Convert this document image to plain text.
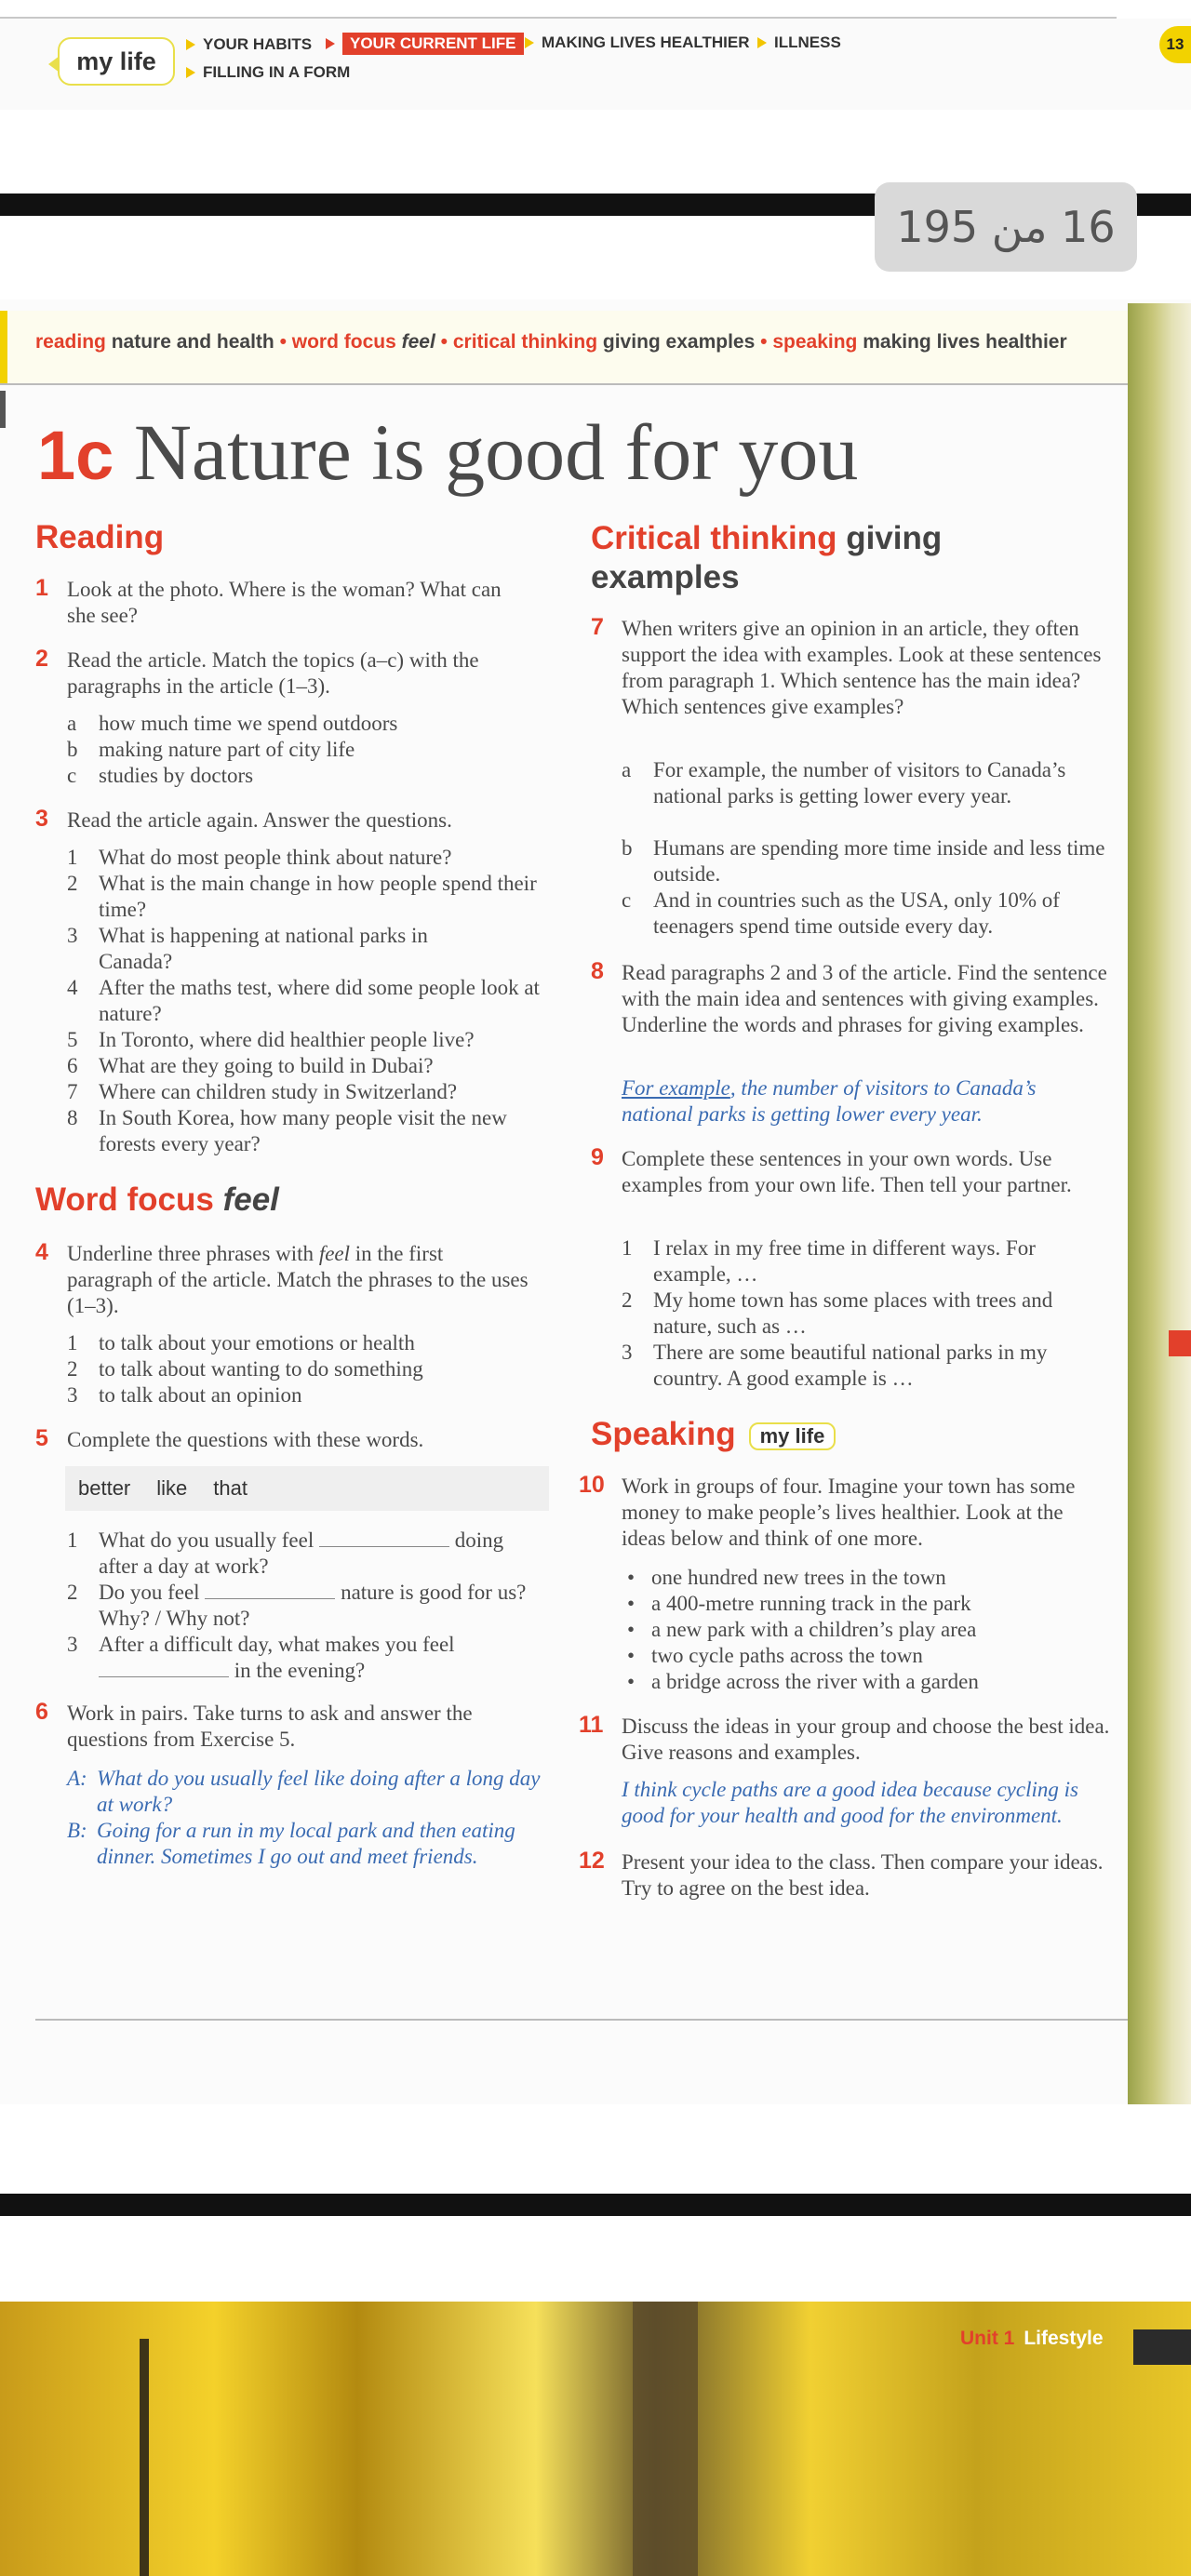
my life
YOUR HABITS	YOUR CURRENT LIFE	MAKING LIVES HEALTHIER ILLNESS
FILLING IN A FORM
13
16 من 195
reading nature and health • word focus feel • critical thinking giving examples • speaking making lives healthier
1c Nature is good for you
Reading
1 Look at the photo. Where is the woman? What can she see?
2 Read the article. Match the topics (a–c) with the paragraphs in the article (1–3).
a how much time we spend outdoors
b making nature part of city life
c studies by doctors
3 Read the article again. Answer the questions.
1 What do most people think about nature?
2 What is the main change in how people spend their time?
3 What is happening at national parks in Canada?
4 After the maths test, where did some people look at nature?
5 In Toronto, where did healthier people live?
6 What are they going to build in Dubai?
7 Where can children study in Switzerland?
8 In South Korea, how many people visit the new forests every year?
Word focus feel
4 Underline three phrases with feel in the first paragraph of the article. Match the phrases to the uses (1–3).
1 to talk about your emotions or health
2 to talk about wanting to do something
3 to talk about an opinion
5 Complete the questions with these words.
better like that
1 What do you usually feel	doing
after a day at work?
2 Do you feel	nature is good for us?
Why? / Why not?
3 After a difficult day, what makes you feel
in the evening?
6 Work in pairs. Take turns to ask and answer the questions from Exercise 5.
A: What do you usually feel like doing after a long day at work?
B: Going for a run in my local park and then eating dinner. Sometimes I go out and meet friends.
Critical thinking giving examples
7 When writers give an opinion in an article, they often support the idea with examples. Look at these sentences from paragraph 1. Which sentence has the main idea? Which sentences give examples?
a For example, the number of visitors to Canada’s national parks is getting lower every year.
b Humans are spending more time inside and less time outside.
c And in countries such as the USA, only 10% of teenagers spend time outside every day.
8 Read paragraphs 2 and 3 of the article. Find the sentence with the main idea and sentences with giving examples. Underline the words and phrases for giving examples.
For example, the number of visitors to Canada’s national parks is getting lower every year.
9 Complete these sentences in your own words. Use examples from your own life. Then tell your partner.
1 I relax in my free time in different ways. For example, …
2 My home town has some places with trees and nature, such as …
3 There are some beautiful national parks in my country. A good example is …
Speaking my life
10 Work in groups of four. Imagine your town has some money to make people’s lives healthier. Look at the ideas below and think of one more.
• one hundred new trees in the town
• a 400-metre running track in the park
• a new park with a children’s play area
• two cycle paths across the town
• a bridge across the river with a garden
11 Discuss the ideas in your group and choose the best idea. Give reasons and examples.
I think cycle paths are a good idea because cycling is good for your health and good for the environment.
12 Present your idea to the class. Then compare your ideas. Try to agree on the best idea.
Unit 1 Lifestyle
